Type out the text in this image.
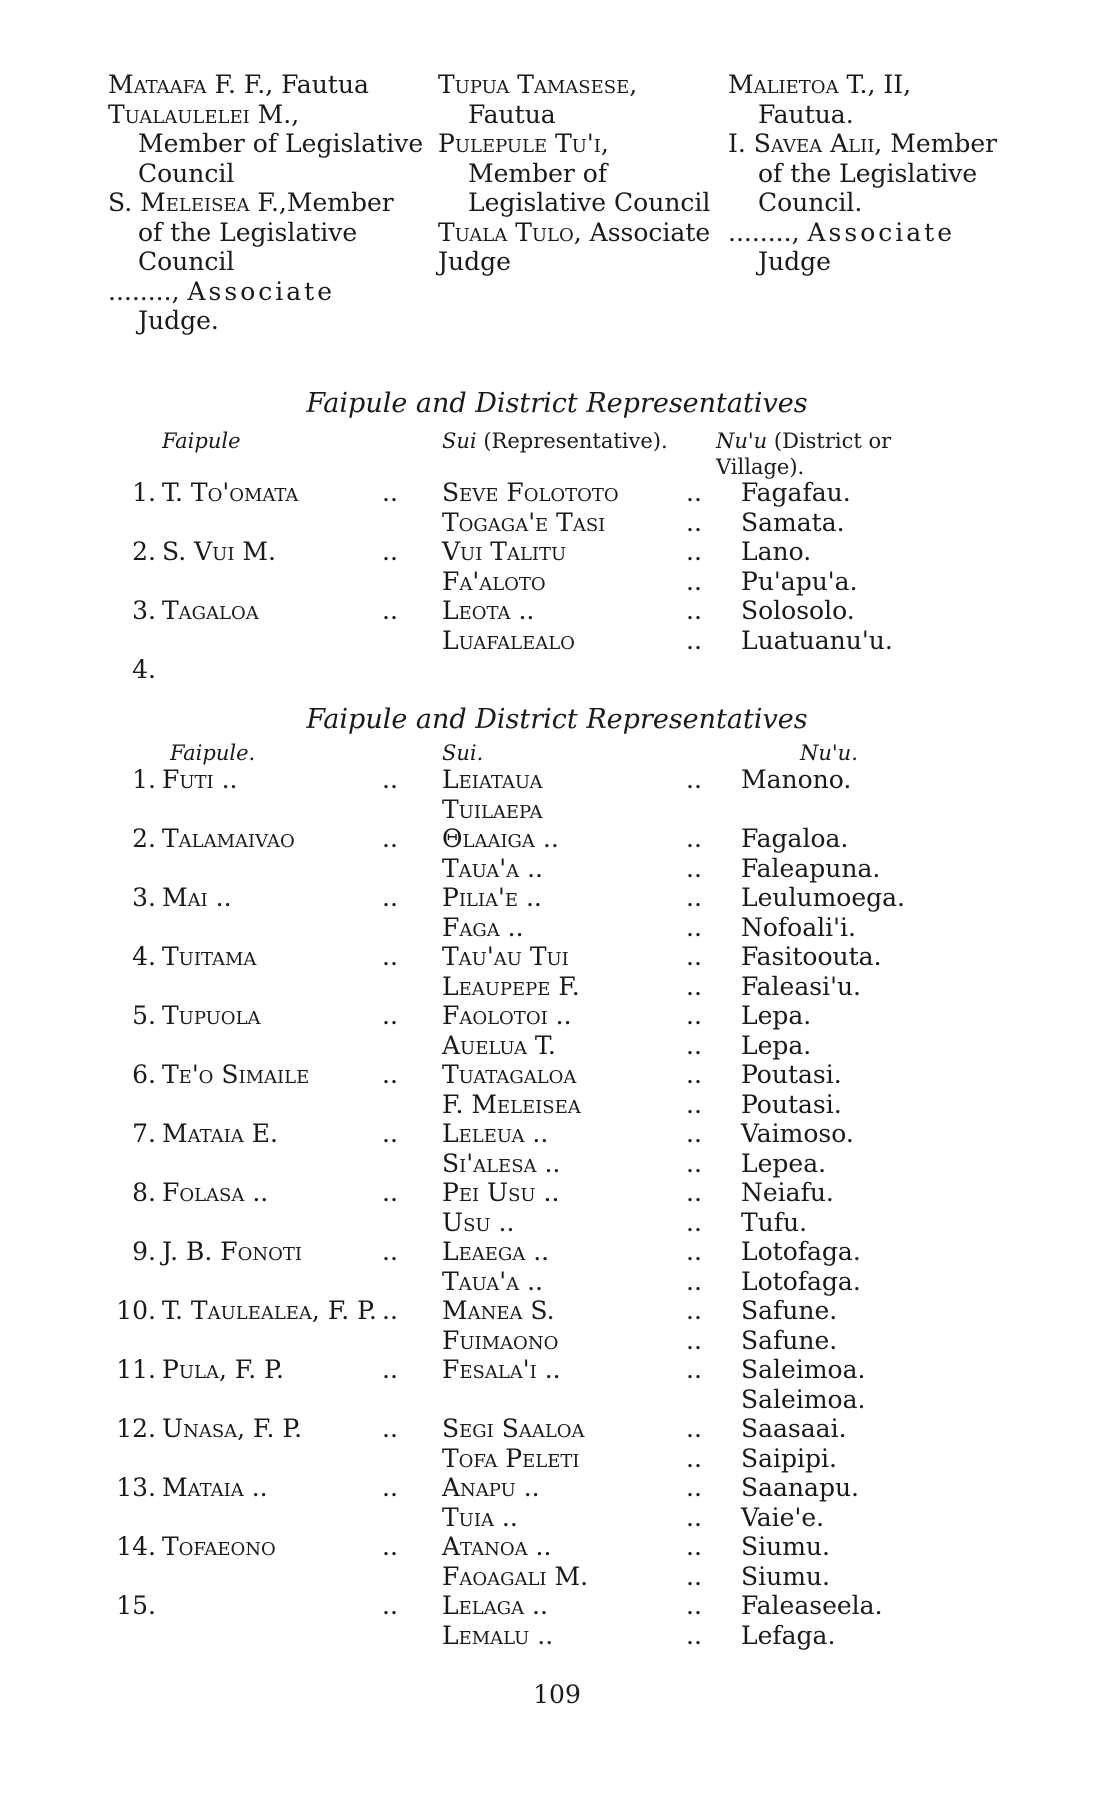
Mataafa F. F., Fautua
Tualaulelei M.,
Member of Legislative Council
S. Meleisea F.,Member
of the Legislative Council
........, Associate
Judge.
Tupua Tamasese,
Fautua
Pulepule Tu'i,
Member of Legislative Council
Tuala Tulo, Associate Judge
Malietoa T., II,
Fautua.
I. Savea Alii, Member
of the Legislative Council.
........, Associate
Judge
Faipule and District Representatives
Faipule	Sui (Representative). Nu'u (District or Village).
1. T. To'omata	.. Seve Folototo	.. Fagafau.
Togaga'e Tasi	.. Samata.
2. S. Vui M.	.. Vui Talitu	.. Lano.
Fa'aloto	.. Pu'apu'a.
3. Tagaloa	.. Leota ..	.. Solosolo.
Luafalealo	.. Luatuanu'u.
4.
Faipule and District Representatives
Faipule.	Sui.	Nu'u.
1. Futi ..	.. Leiataua	.. Manono.
Tuilaepa
2. Talamaivao	.. Θlaaiga ..	.. Fagaloa.
Taua'a ..	.. Faleapuna.
3. Mai ..	.. Pilia'e ..	.. Leulumoega.
Faga ..	.. Nofoali'i.
4. Tuitama	.. Tau'au Tui	.. Fasitoouta.
Leaupepe F.	.. Faleasi'u.
5. Tupuola	.. Faolotoi ..	.. Lepa.
Auelua T.	.. Lepa.
6. Te'o Simaile	.. Tuatagaloa	.. Poutasi.
F. Meleisea	.. Poutasi.
7. Mataia E.	.. Leleua ..	.. Vaimoso.
Si'alesa ..	.. Lepea.
8. Folasa ..	.. Pei Usu ..	.. Neiafu.
Usu ..	.. Tufu.
9. J. B. Fonoti	.. Leaega ..	.. Lotofaga.
Taua'a ..	.. Lotofaga.
10. T. Taulealea, F. P. .. Manea S.	.. Safune.
Fuimaono	.. Safune.
11. Pula, F. P.	.. Fesala'i ..	.. Saleimoa.
Saleimoa.
12. Unasa, F. P.	.. Segi Saaloa	.. Saasaai.
Tofa Peleti	.. Saipipi.
13. Mataia ..	.. Anapu ..	.. Saanapu.
Tuia ..	.. Vaie'e.
14. Tofaeono	.. Atanoa ..	.. Siumu.
Faoagali M.	.. Siumu.
15.	.. Lelaga ..	.. Faleaseela.
Lemalu ..	.. Lefaga.
109
